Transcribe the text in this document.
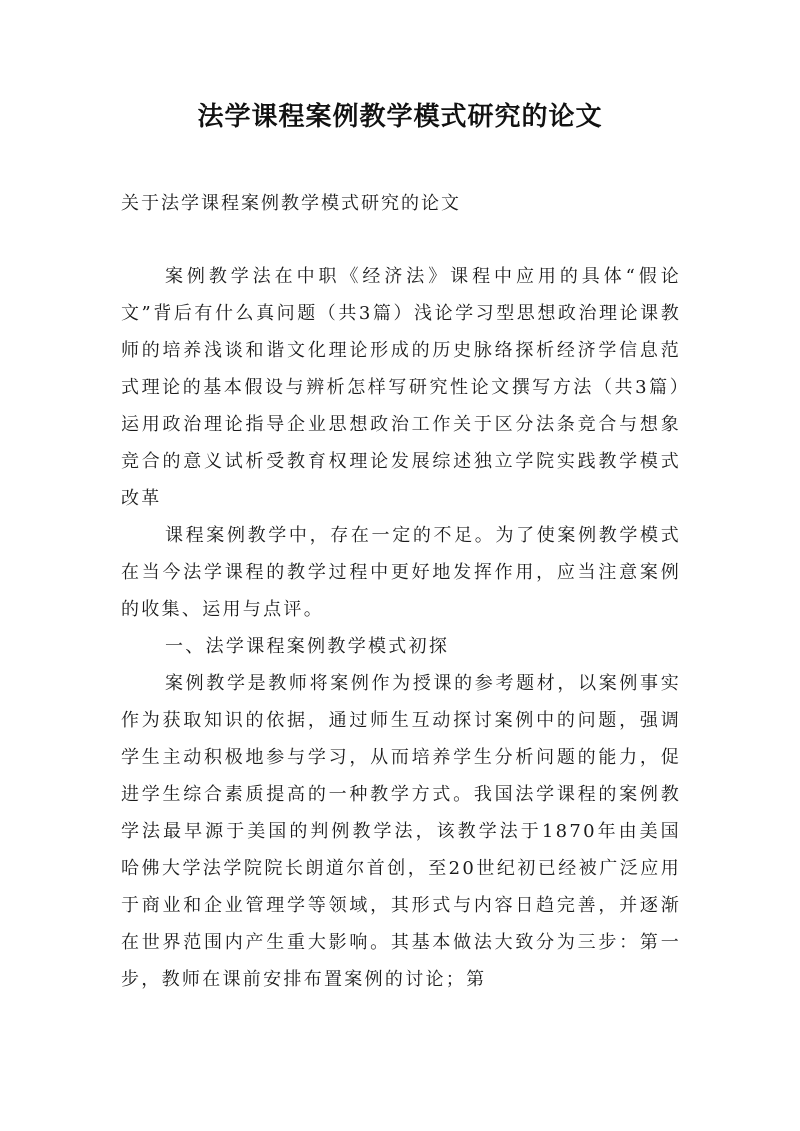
法学课程案例教学模式研究的论文
关于法学课程案例教学模式研究的论文

案例教学法在中职《经济法》课程中应用的具体“假论文”背后有什么真问题（共3篇）浅论学习型思想政治理论课教师的培养浅谈和谐文化理论形成的历史脉络探析经济学信息范式理论的基本假设与辨析怎样写研究性论文撰写方法（共3篇）运用政治理论指导企业思想政治工作关于区分法条竞合与想象竞合的意义试析受教育权理论发展综述独立学院实践教学模式改革

课程案例教学中，存在一定的不足。为了使案例教学模式在当今法学课程的教学过程中更好地发挥作用，应当注意案例的收集、运用与点评。

一、法学课程案例教学模式初探

案例教学是教师将案例作为授课的参考题材，以案例事实作为获取知识的依据，通过师生互动探讨案例中的问题，强调学生主动积极地参与学习，从而培养学生分析问题的能力，促进学生综合素质提高的一种教学方式。我国法学课程的案例教学法最早源于美国的判例教学法，该教学法于1870年由美国哈佛大学法学院院长朗道尔首创，至20世纪初已经被广泛应用于商业和企业管理学等领域，其形式与内容日趋完善，并逐渐在世界范围内产生重大影响。其基本做法大致分为三步：第一步，教师在课前安排布置案例的讨论；第
